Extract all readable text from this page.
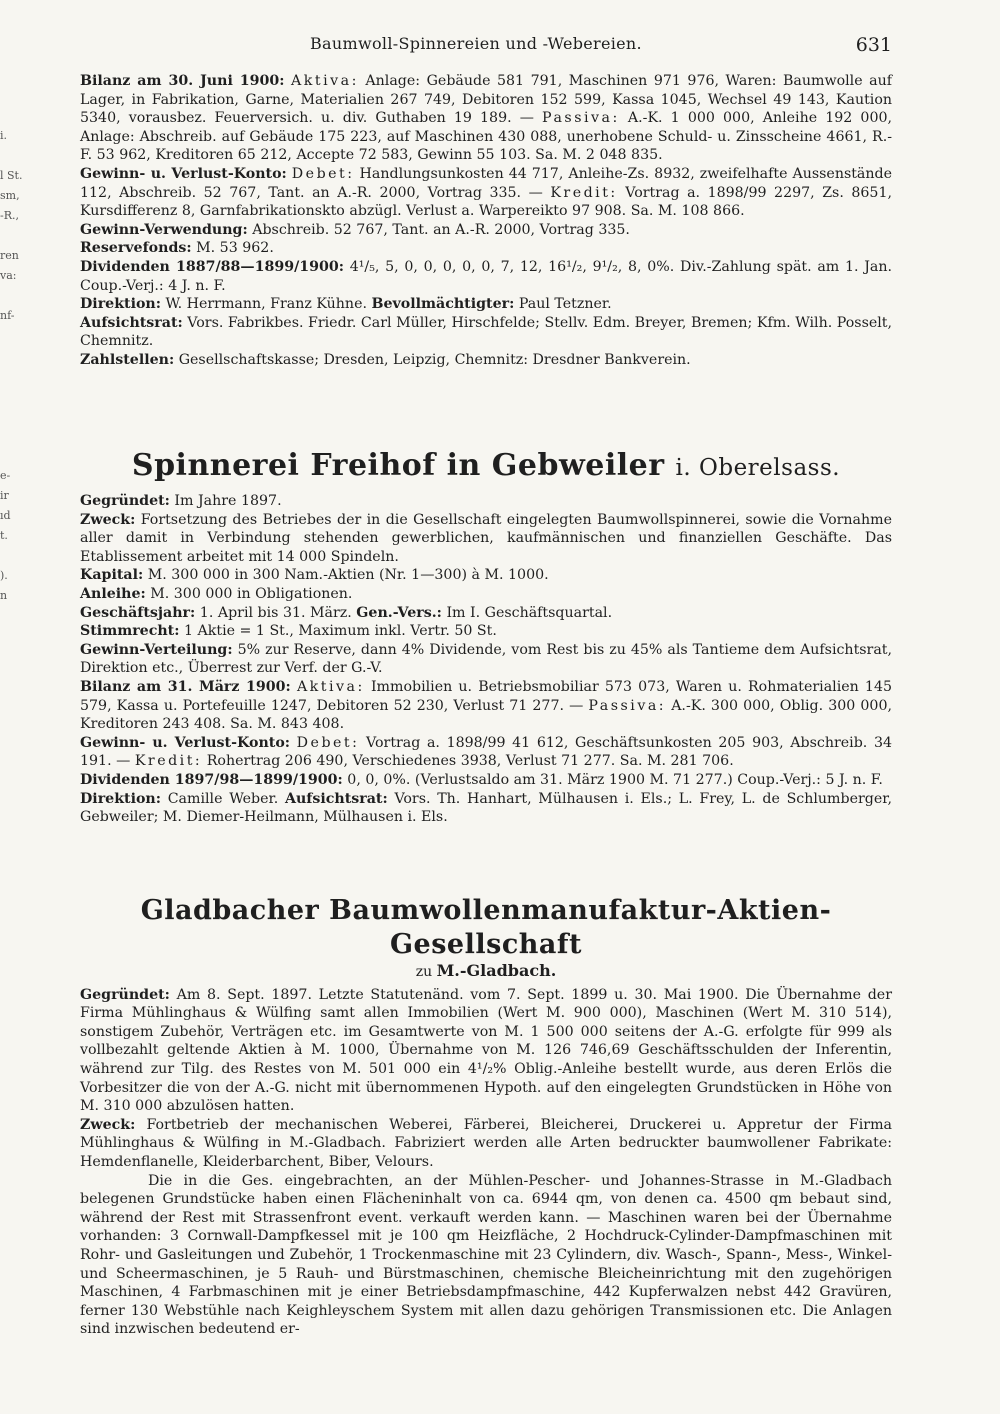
Baumwoll-Spinnereien und -Webereien.	631
i.
l St.
sm,
-R.,
ren
va:
nf-
e-
ir
ıd
t.
).
n

Bilanz am 30. Juni 1900: Aktiva: Anlage: Gebäude 581 791, Maschinen 971 976, Waren: Baumwolle auf Lager, in Fabrikation, Garne, Materialien 267 749, Debitoren 152 599, Kassa 1045, Wechsel 49 143, Kaution 5340, vorausbez. Feuerversich. u. div. Guthaben 19 189. — Passiva: A.-K. 1 000 000, Anleihe 192 000, Anlage: Abschreib. auf Gebäude 175 223, auf Maschinen 430 088, unerhobene Schuld- u. Zinsscheine 4661, R.-F. 53 962, Kreditoren 65 212, Accepte 72 583, Gewinn 55 103. Sa. M. 2 048 835.

Gewinn- u. Verlust-Konto: Debet: Handlungsunkosten 44 717, Anleihe-Zs. 8932, zweifelhafte Aussenstände 112, Abschreib. 52 767, Tant. an A.-R. 2000, Vortrag 335. — Kredit: Vortrag a. 1898/99 2297, Zs. 8651, Kursdifferenz 8, Garnfabrikationskto abzügl. Verlust a. Warpereikto 97 908. Sa. M. 108 866.

Gewinn-Verwendung: Abschreib. 52 767, Tant. an A.-R. 2000, Vortrag 335.

Reservefonds: M. 53 962.

Dividenden 1887/88—1899/1900: 4¹/₅, 5, 0, 0, 0, 0, 0, 7, 12, 16¹/₂, 9¹/₂, 8, 0%. Div.-Zahlung spät. am 1. Jan. Coup.-Verj.: 4 J. n. F.

Direktion: W. Herrmann, Franz Kühne. Bevollmächtigter: Paul Tetzner.

Aufsichtsrat: Vors. Fabrikbes. Friedr. Carl Müller, Hirschfelde; Stellv. Edm. Breyer, Bremen; Kfm. Wilh. Posselt, Chemnitz.

Zahlstellen: Gesellschaftskasse; Dresden, Leipzig, Chemnitz: Dresdner Bankverein.

Spinnerei Freihof in Gebweiler i. Oberelsass.

Gegründet: Im Jahre 1897.

Zweck: Fortsetzung des Betriebes der in die Gesellschaft eingelegten Baumwollspinnerei, sowie die Vornahme aller damit in Verbindung stehenden gewerblichen, kaufmännischen und finanziellen Geschäfte. Das Etablissement arbeitet mit 14 000 Spindeln.

Kapital: M. 300 000 in 300 Nam.-Aktien (Nr. 1—300) à M. 1000.

Anleihe: M. 300 000 in Obligationen.

Geschäftsjahr: 1. April bis 31. März. Gen.-Vers.: Im I. Geschäftsquartal.

Stimmrecht: 1 Aktie = 1 St., Maximum inkl. Vertr. 50 St.

Gewinn-Verteilung: 5% zur Reserve, dann 4% Dividende, vom Rest bis zu 45% als Tantieme dem Aufsichtsrat, Direktion etc., Überrest zur Verf. der G.-V.

Bilanz am 31. März 1900: Aktiva: Immobilien u. Betriebsmobiliar 573 073, Waren u. Rohmaterialien 145 579, Kassa u. Portefeuille 1247, Debitoren 52 230, Verlust 71 277. — Passiva: A.-K. 300 000, Oblig. 300 000, Kreditoren 243 408. Sa. M. 843 408.

Gewinn- u. Verlust-Konto: Debet: Vortrag a. 1898/99 41 612, Geschäftsunkosten 205 903, Abschreib. 34 191. — Kredit: Rohertrag 206 490, Verschiedenes 3938, Verlust 71 277. Sa. M. 281 706.

Dividenden 1897/98—1899/1900: 0, 0, 0%. (Verlustsaldo am 31. März 1900 M. 71 277.) Coup.-Verj.: 5 J. n. F.

Direktion: Camille Weber. Aufsichtsrat: Vors. Th. Hanhart, Mülhausen i. Els.; L. Frey, L. de Schlumberger, Gebweiler; M. Diemer-Heilmann, Mülhausen i. Els.

Gladbacher Baumwollenmanufaktur-Aktien-Gesellschaft

zu M.-Gladbach.

Gegründet: Am 8. Sept. 1897. Letzte Statutenänd. vom 7. Sept. 1899 u. 30. Mai 1900. Die Übernahme der Firma Mühlinghaus & Wülfing samt allen Immobilien (Wert M. 900 000), Maschinen (Wert M. 310 514), sonstigem Zubehör, Verträgen etc. im Gesamtwerte von M. 1 500 000 seitens der A.-G. erfolgte für 999 als vollbezahlt geltende Aktien à M. 1000, Übernahme von M. 126 746,69 Geschäftsschulden der Inferentin, während zur Tilg. des Restes von M. 501 000 ein 4¹/₂% Oblig.-Anleihe bestellt wurde, aus deren Erlös die Vorbesitzer die von der A.-G. nicht mit übernommenen Hypoth. auf den eingelegten Grundstücken in Höhe von M. 310 000 abzulösen hatten.

Zweck: Fortbetrieb der mechanischen Weberei, Färberei, Bleicherei, Druckerei u. Appretur der Firma Mühlinghaus & Wülfing in M.-Gladbach. Fabriziert werden alle Arten bedruckter baumwollener Fabrikate: Hemdenflanelle, Kleiderbarchent, Biber, Velours.

Die in die Ges. eingebrachten, an der Mühlen-Pescher- und Johannes-Strasse in M.-Gladbach belegenen Grundstücke haben einen Flächeninhalt von ca. 6944 qm, von denen ca. 4500 qm bebaut sind, während der Rest mit Strassenfront event. verkauft werden kann. — Maschinen waren bei der Übernahme vorhanden: 3 Cornwall-Dampfkessel mit je 100 qm Heizfläche, 2 Hochdruck-Cylinder-Dampfmaschinen mit Rohr- und Gasleitungen und Zubehör, 1 Trockenmaschine mit 23 Cylindern, div. Wasch-, Spann-, Mess-, Winkel- und Scheermaschinen, je 5 Rauh- und Bürstmaschinen, chemische Bleicheinrichtung mit den zugehörigen Maschinen, 4 Farbmaschinen mit je einer Betriebsdampfmaschine, 442 Kupferwalzen nebst 442 Gravüren, ferner 130 Webstühle nach Keighleyschem System mit allen dazu gehörigen Transmissionen etc. Die Anlagen sind inzwischen bedeutend er-
